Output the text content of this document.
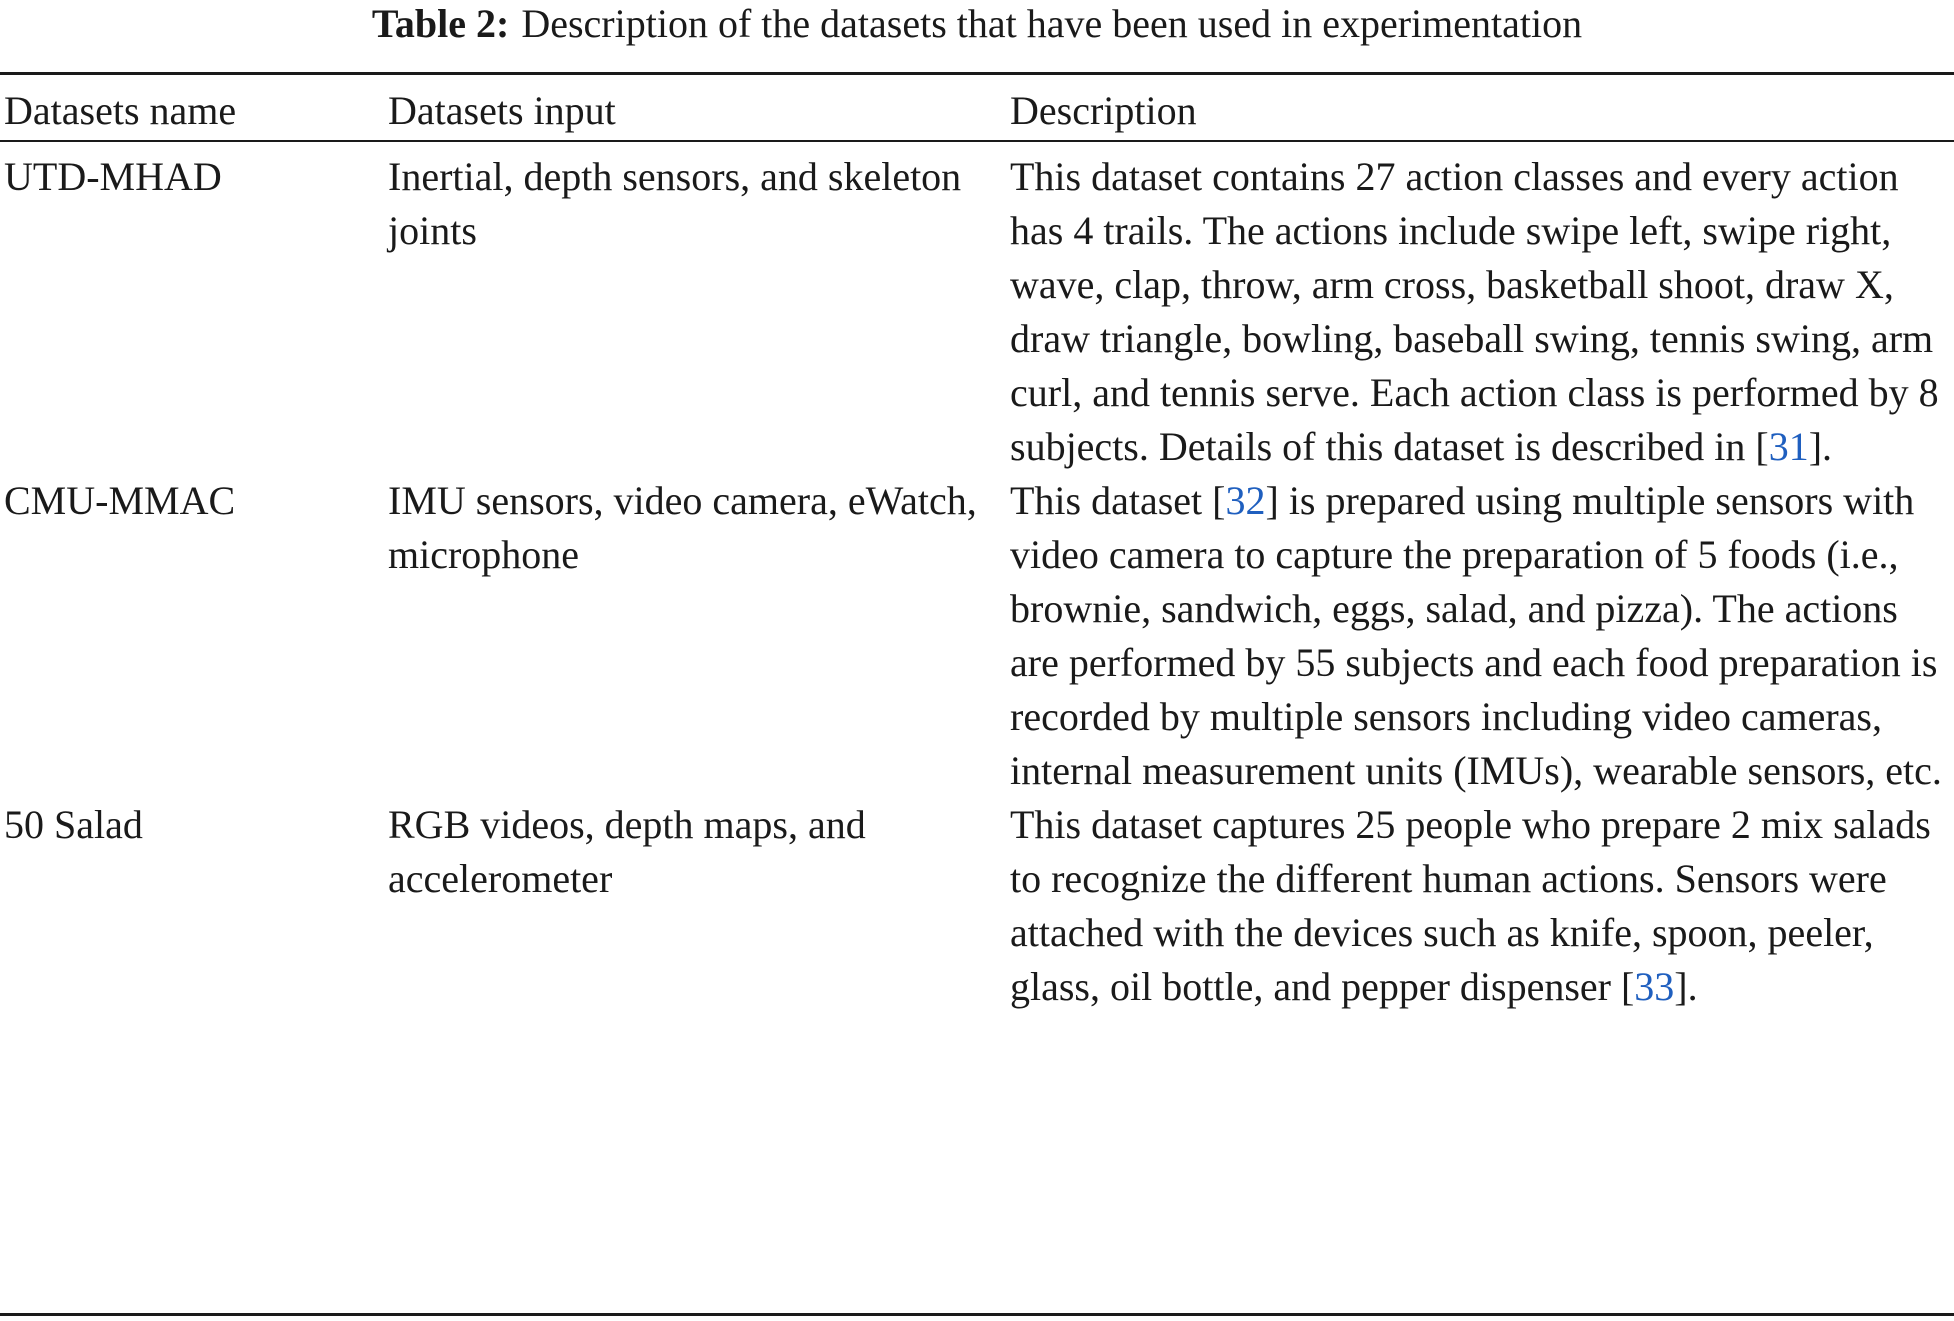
Table 2: Description of the datasets that have been used in experimentation
Datasets name	Datasets input	Description
UTD-MHAD	Inertial, depth sensors, and skeleton joints	This dataset contains 27 action classes and every action has 4 trails. The actions include swipe left, swipe right, wave, clap, throw, arm cross, basketball shoot, draw X, draw triangle, bowling, baseball swing, tennis swing, arm curl, and tennis serve. Each action class is performed by 8 subjects. Details of this dataset is described in [31].
CMU-MMAC	IMU sensors, video camera, eWatch, microphone	This dataset [32] is prepared using multiple sensors with video camera to capture the preparation of 5 foods (i.e., brownie, sandwich, eggs, salad, and pizza). The actions are performed by 55 subjects and each food preparation is recorded by multiple sensors including video cameras, internal measurement units (IMUs), wearable sensors, etc.
50 Salad	RGB videos, depth maps, and accelerometer	This dataset captures 25 people who prepare 2 mix salads to recognize the different human actions. Sensors were attached with the devices such as knife, spoon, peeler, glass, oil bottle, and pepper dispenser [33].
